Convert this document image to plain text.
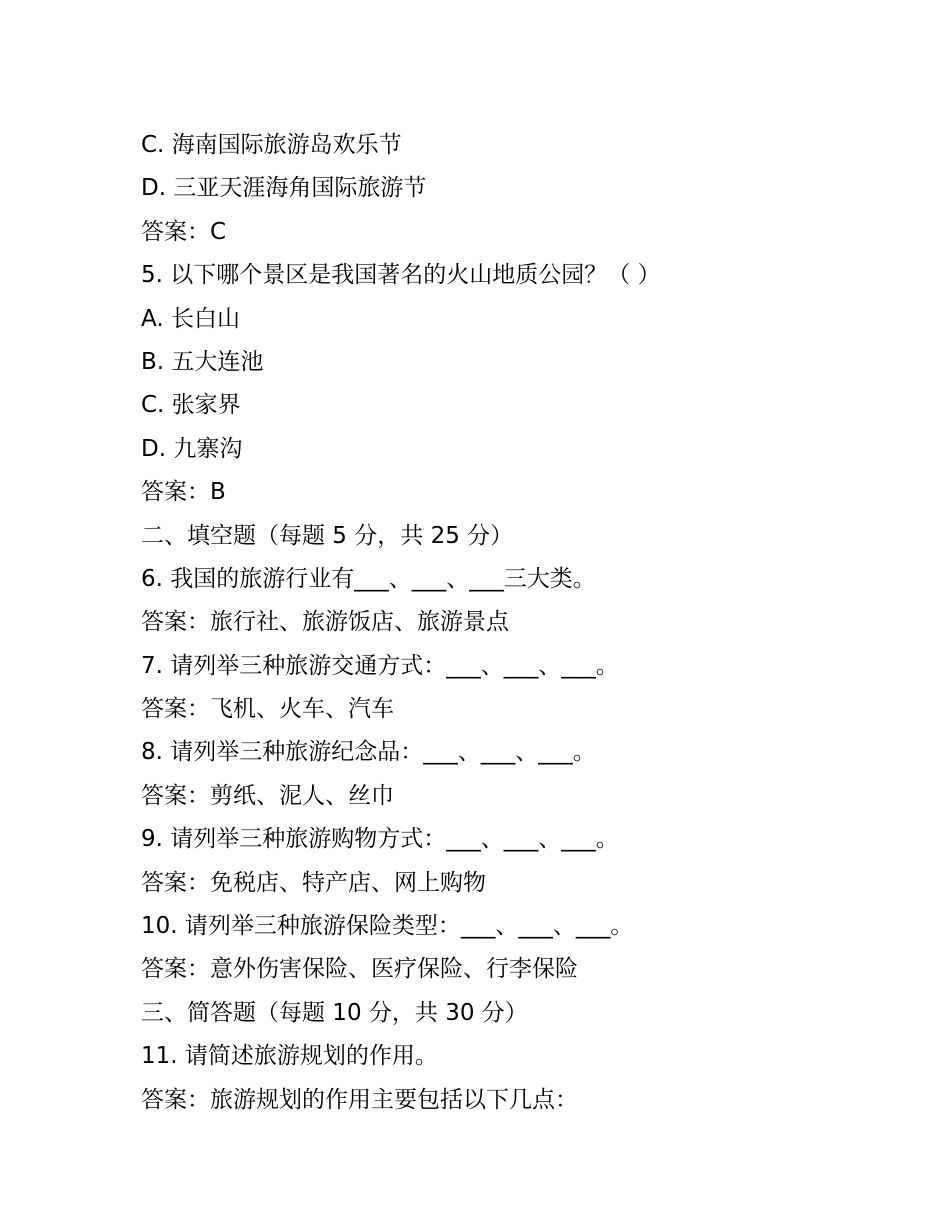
C. 海南国际旅游岛欢乐节
D. 三亚天涯海角国际旅游节
答案：C
5. 以下哪个景区是我国著名的火山地质公园？（ ）
A. 长白山
B. 五大连池
C. 张家界
D. 九寨沟
答案：B
二、填空题（每题 5 分，共 25 分）
6. 我国的旅游行业有___、___、___三大类。
答案：旅行社、旅游饭店、旅游景点
7. 请列举三种旅游交通方式：___、___、___。
答案：飞机、火车、汽车
8. 请列举三种旅游纪念品：___、___、___。
答案：剪纸、泥人、丝巾
9. 请列举三种旅游购物方式：___、___、___。
答案：免税店、特产店、网上购物
10. 请列举三种旅游保险类型：___、___、___。
答案：意外伤害保险、医疗保险、行李保险
三、简答题（每题 10 分，共 30 分）
11. 请简述旅游规划的作用。
答案：旅游规划的作用主要包括以下几点：
